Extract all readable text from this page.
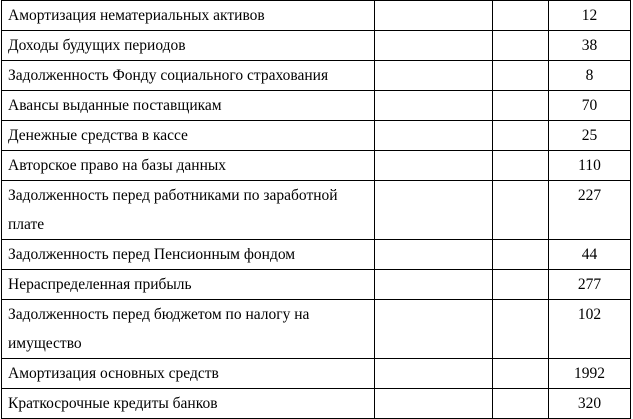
Амортизация нематериальных активов			12
Доходы будущих периодов			38
Задолженность Фонду социального страхования			8
Авансы выданные поставщикам			70
Денежные средства в кассе			25
Авторское право на базы данных			110
Задолженность перед работниками по заработной плате			227
Задолженность перед Пенсионным фондом			44
Нераспределенная прибыль			277
Задолженность перед бюджетом по налогу на имущество			102
Амортизация основных средств			1992
Краткосрочные кредиты банков			320
